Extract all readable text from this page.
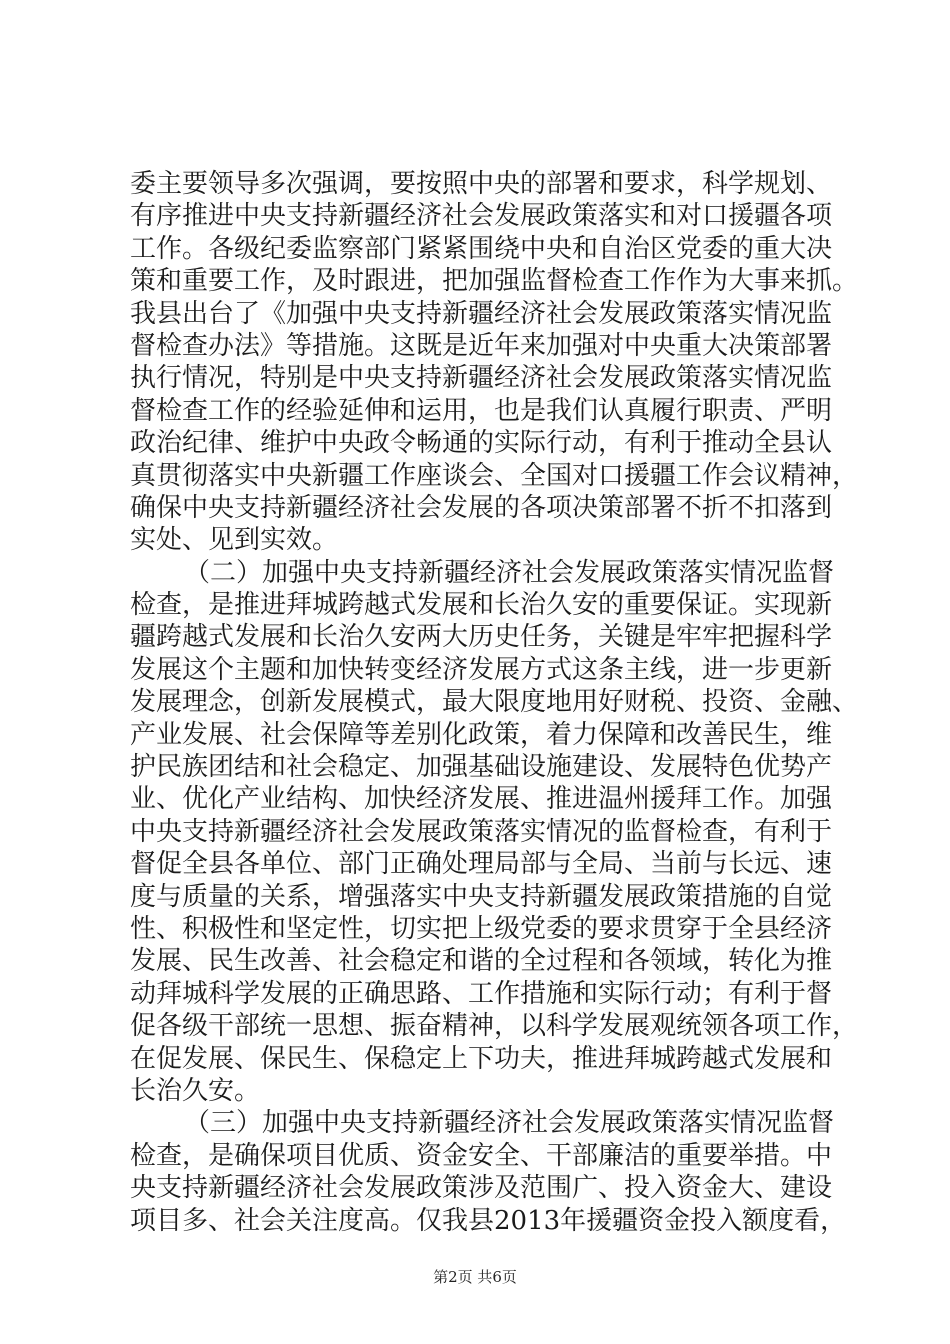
委主要领导多次强调，要按照中央的部署和要求，科学规划、
有序推进中央支持新疆经济社会发展政策落实和对口援疆各项
工作。各级纪委监察部门紧紧围绕中央和自治区党委的重大决
策和重要工作，及时跟进，把加强监督检查工作作为大事来抓。
我县出台了《加强中央支持新疆经济社会发展政策落实情况监
督检查办法》等措施。这既是近年来加强对中央重大决策部署
执行情况，特别是中央支持新疆经济社会发展政策落实情况监
督检查工作的经验延伸和运用，也是我们认真履行职责、严明
政治纪律、维护中央政令畅通的实际行动，有利于推动全县认
真贯彻落实中央新疆工作座谈会、全国对口援疆工作会议精神，
确保中央支持新疆经济社会发展的各项决策部署不折不扣落到
实处、见到实效。
（二）加强中央支持新疆经济社会发展政策落实情况监督
检查，是推进拜城跨越式发展和长治久安的重要保证。实现新
疆跨越式发展和长治久安两大历史任务，关键是牢牢把握科学
发展这个主题和加快转变经济发展方式这条主线，进一步更新
发展理念，创新发展模式，最大限度地用好财税、投资、金融、
产业发展、社会保障等差别化政策，着力保障和改善民生，维
护民族团结和社会稳定、加强基础设施建设、发展特色优势产
业、优化产业结构、加快经济发展、推进温州援拜工作。加强
中央支持新疆经济社会发展政策落实情况的监督检查，有利于
督促全县各单位、部门正确处理局部与全局、当前与长远、速
度与质量的关系，增强落实中央支持新疆发展政策措施的自觉
性、积极性和坚定性，切实把上级党委的要求贯穿于全县经济
发展、民生改善、社会稳定和谐的全过程和各领域，转化为推
动拜城科学发展的正确思路、工作措施和实际行动；有利于督
促各级干部统一思想、振奋精神，以科学发展观统领各项工作，
在促发展、保民生、保稳定上下功夫，推进拜城跨越式发展和
长治久安。
（三）加强中央支持新疆经济社会发展政策落实情况监督
检查，是确保项目优质、资金安全、干部廉洁的重要举措。中
央支持新疆经济社会发展政策涉及范围广、投入资金大、建设
项目多、社会关注度高。仅我县2013年援疆资金投入额度看，
第2页 共6页
